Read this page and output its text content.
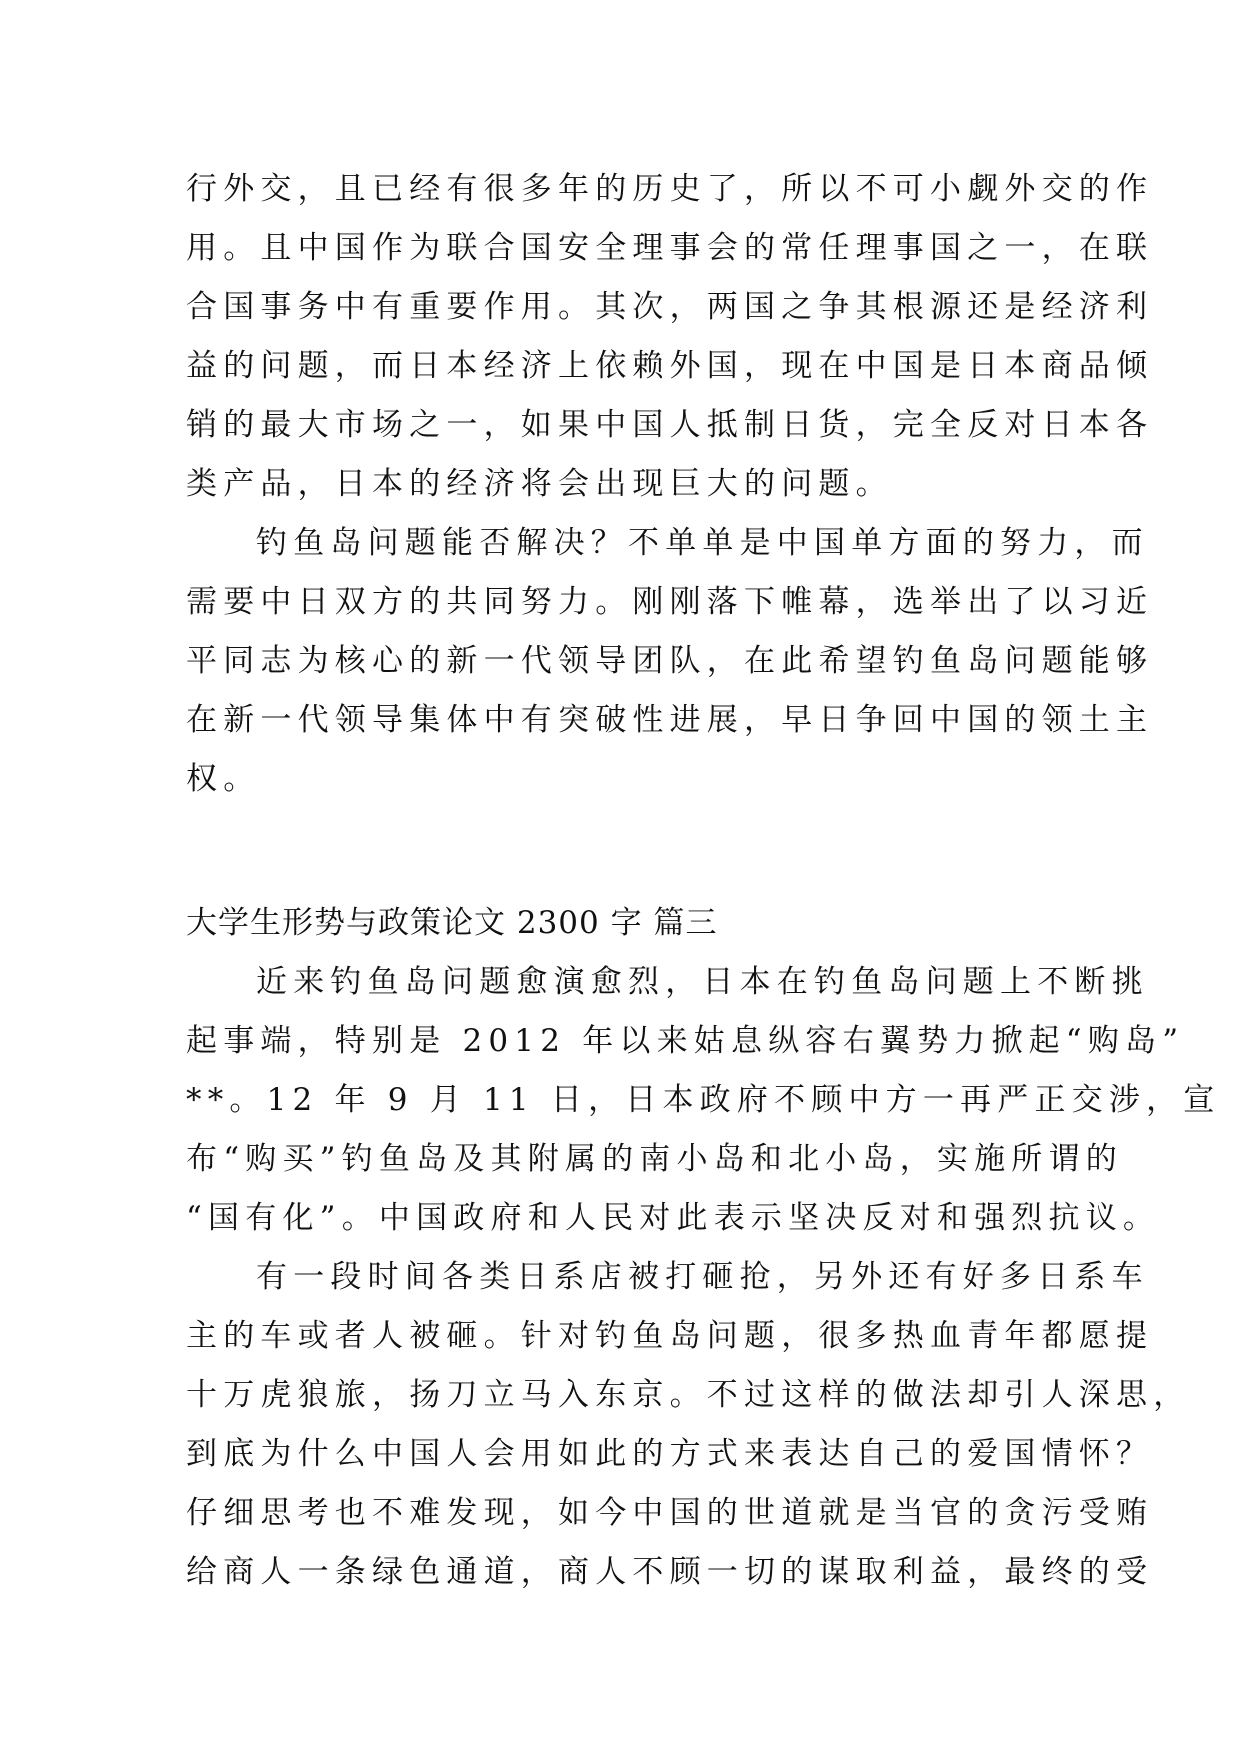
行外交，且已经有很多年的历史了，所以不可小觑外交的作
用。且中国作为联合国安全理事会的常任理事国之一，在联
合国事务中有重要作用。其次，两国之争其根源还是经济利
益的问题，而日本经济上依赖外国，现在中国是日本商品倾
销的最大市场之一，如果中国人抵制日货，完全反对日本各
类产品，日本的经济将会出现巨大的问题。
钓鱼岛问题能否解决？不单单是中国单方面的努力，而
需要中日双方的共同努力。刚刚落下帷幕，选举出了以习近
平同志为核心的新一代领导团队，在此希望钓鱼岛问题能够
在新一代领导集体中有突破性进展，早日争回中国的领土主
权。
大学生形势与政策论文 2300 字 篇三
近来钓鱼岛问题愈演愈烈，日本在钓鱼岛问题上不断挑
起事端，特别是 2012 年以来姑息纵容右翼势力掀起“购岛”
**。12 年 9 月 11 日，日本政府不顾中方一再严正交涉，宣
布“购买”钓鱼岛及其附属的南小岛和北小岛，实施所谓的
“国有化”。中国政府和人民对此表示坚决反对和强烈抗议。
有一段时间各类日系店被打砸抢，另外还有好多日系车
主的车或者人被砸。针对钓鱼岛问题，很多热血青年都愿提
十万虎狼旅，扬刀立马入东京。不过这样的做法却引人深思，
到底为什么中国人会用如此的方式来表达自己的爱国情怀？
仔细思考也不难发现，如今中国的世道就是当官的贪污受贿
给商人一条绿色通道，商人不顾一切的谋取利益，最终的受
